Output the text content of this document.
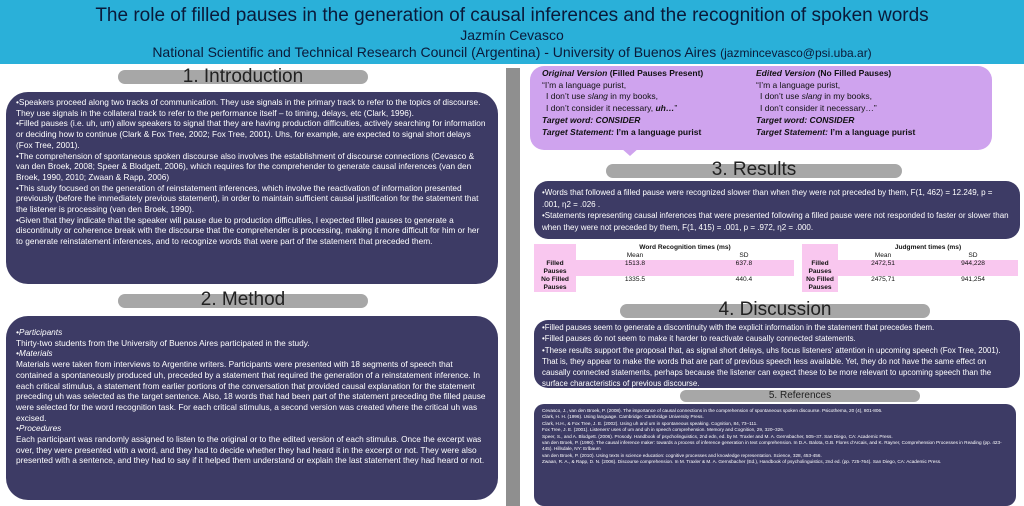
The role of filled pauses in the generation of causal inferences and the recognition of spoken words
Jazmín Cevasco
National Scientific and Technical Research Council (Argentina) - University of Buenos Aires (jazmincevasco@psi.uba.ar)
1. Introduction

•Speakers proceed along two tracks of communication. They use signals in the primary track to refer to the topics of discourse. They use signals in the collateral track to refer to the performance itself – to timing, delays, etc (Clark, 1996).

•Filled pauses (i.e. uh, um) allow speakers to signal that they are having production difficulties, actively searching for information or deciding how to continue (Clark & Fox Tree, 2002; Fox Tree, 2001). Uhs, for example, are expected to signal short delays (Fox Tree, 2001).

•The comprehension of spontaneous spoken discourse also involves the establishment of discourse connections (Cevasco & van den Broek, 2008; Speer & Blodgett, 2006), which requires for the comprehender to generate causal inferences (van den Broek, 1990, 2010; Zwaan & Rapp, 2006)

•This study focused on the generation of reinstatement inferences, which involve the reactivation of information presented previously (before the immediately previous statement), in order to maintain sufficient causal justification for the statement that the listener is processing (van den Broek, 1990).

•Given that they indicate that the speaker will pause due to production difficulties, I expected filled pauses to generate a discontinuity or coherence break with the discourse that the comprehender is processing, making it more difficult for him or her to generate reinstatement inferences, and to recognize words that were part of the statement that preceded them.

2. Method

•Participants

Thirty-two students from the University of Buenos Aires participated in the study.

•Materials

Materials were taken from interviews to Argentine writers. Participants were presented with 18 segments of speech that contained a spontaneously produced uh, preceded by a statement that required the generation of a reinstatement inference. In each critical stimulus, a statement from earlier portions of the conversation that provided causal explanation for the statement preceding uh was selected as the target sentence. Also, 18 words that had been part of the statement preceding the filled pause were selected for the word recognition task. For each critical stimulus, a second version was created where the critical uh was excised.

•Procedures

Each participant was randomly assigned to listen to the original or to the edited version of each stimulus. Once the excerpt was over, they were presented with a word, and they had to decide whether they had heard it in the excerpt or not. They were also presented with a sentence, and they had to say if it helped them understand or explain the last statement they had heard or not.

Original Version (Filled Pauses Present)
“I’m a language purist,
I don’t use slang in my books,
I don’t consider it necessary, uh…”
Target word: CONSIDER
Target Statement: I’m a language purist
Edited Version (No Filled Pauses)
“I’m a language purist,
I don’t use slang in my books,
I don’t consider it necessary…”
Target word: CONSIDER
Target Statement: I’m a language purist
3. Results

•Words that followed a filled pause were recognized slower than when they were not preceded by them, F(1, 462) = 12.249, p = .001, η2 = .026 .

•Statements representing causal inferences that were presented following a filled pause were not responded to faster or slower than when they were not preceded by them, F(1, 415) = .001, p = .972, η2 = .000.

	Word Recognition times (ms)	
	Mean	SD
Filled Pauses	1513.8	637.8
No Filled Pauses	1335.5	440.4
	Judgment times (ms)	
	Mean	SD
Filled Pauses	2472,51	944,228
No Filled Pauses	2475,71	941,254
4. Discussion

•Filled pauses seem to generate a discontinuity with the explicit information in the statement that precedes them.

•Filled pauses do not seem to make it harder to reactivate causally connected statements.

•These results support the proposal that, as signal short delays, uhs focus listeners’ attention in upcoming speech (Fox Tree, 2001). That is, they appear to make the words that are part of previous speech less available. Yet, they do not have the same effect on causally connected statements, perhaps because the listener can expect these to be more relevant to upcoming speech than the surface characteristics of previous discourse.

5. References
Cevasco, J., van den Broek, P. (2008). The importance of causal connections in the comprehension of spontaneous spoken discourse. Psicothema, 20 (4), 801-806.
Clark, H. H. (1996). Using language. Cambridge: Cambridge University Press.
Clark, H.H., & Fox Tree, J. E. (2002). Using uh and um in spontaneous speaking. Cognition, 84, 73–111.
Fox Tree, J. E. (2001). Listeners’ uses of um and uh in speech comprehension. Memory and Cognition, 29, 320–326.
Speer, S., and A. Blodgett. (2006). Prosody. Handbook of psycholinguistics, 2nd edn, ed. by M. Traxler and M. A. Gernsbacher, 505–37. San Diego, CA: Academic Press.
van den Broek, P. (1990). The causal inference maker: towards a process of inference generation in text comprehension. In D.A. Balota, G.B. Flores d’Arcais, and K. Rayner, Comprehension Processes in Reading (pp. 423-445). Hillsdale, NY: Erlbaum
van den Broek, P. (2010). Using texts in science education: cognitive processes and knowledge representation. Science, 328, 453-456.
Zwaan, R. A., & Rapp, D. N. (2006). Discourse comprehension. In M. Traxler & M. A. Gernsbacher (Ed.), Handbook of psycholinguistics, 2nd ed. (pp. 725-764). San Diego, CA: Academic Press.
